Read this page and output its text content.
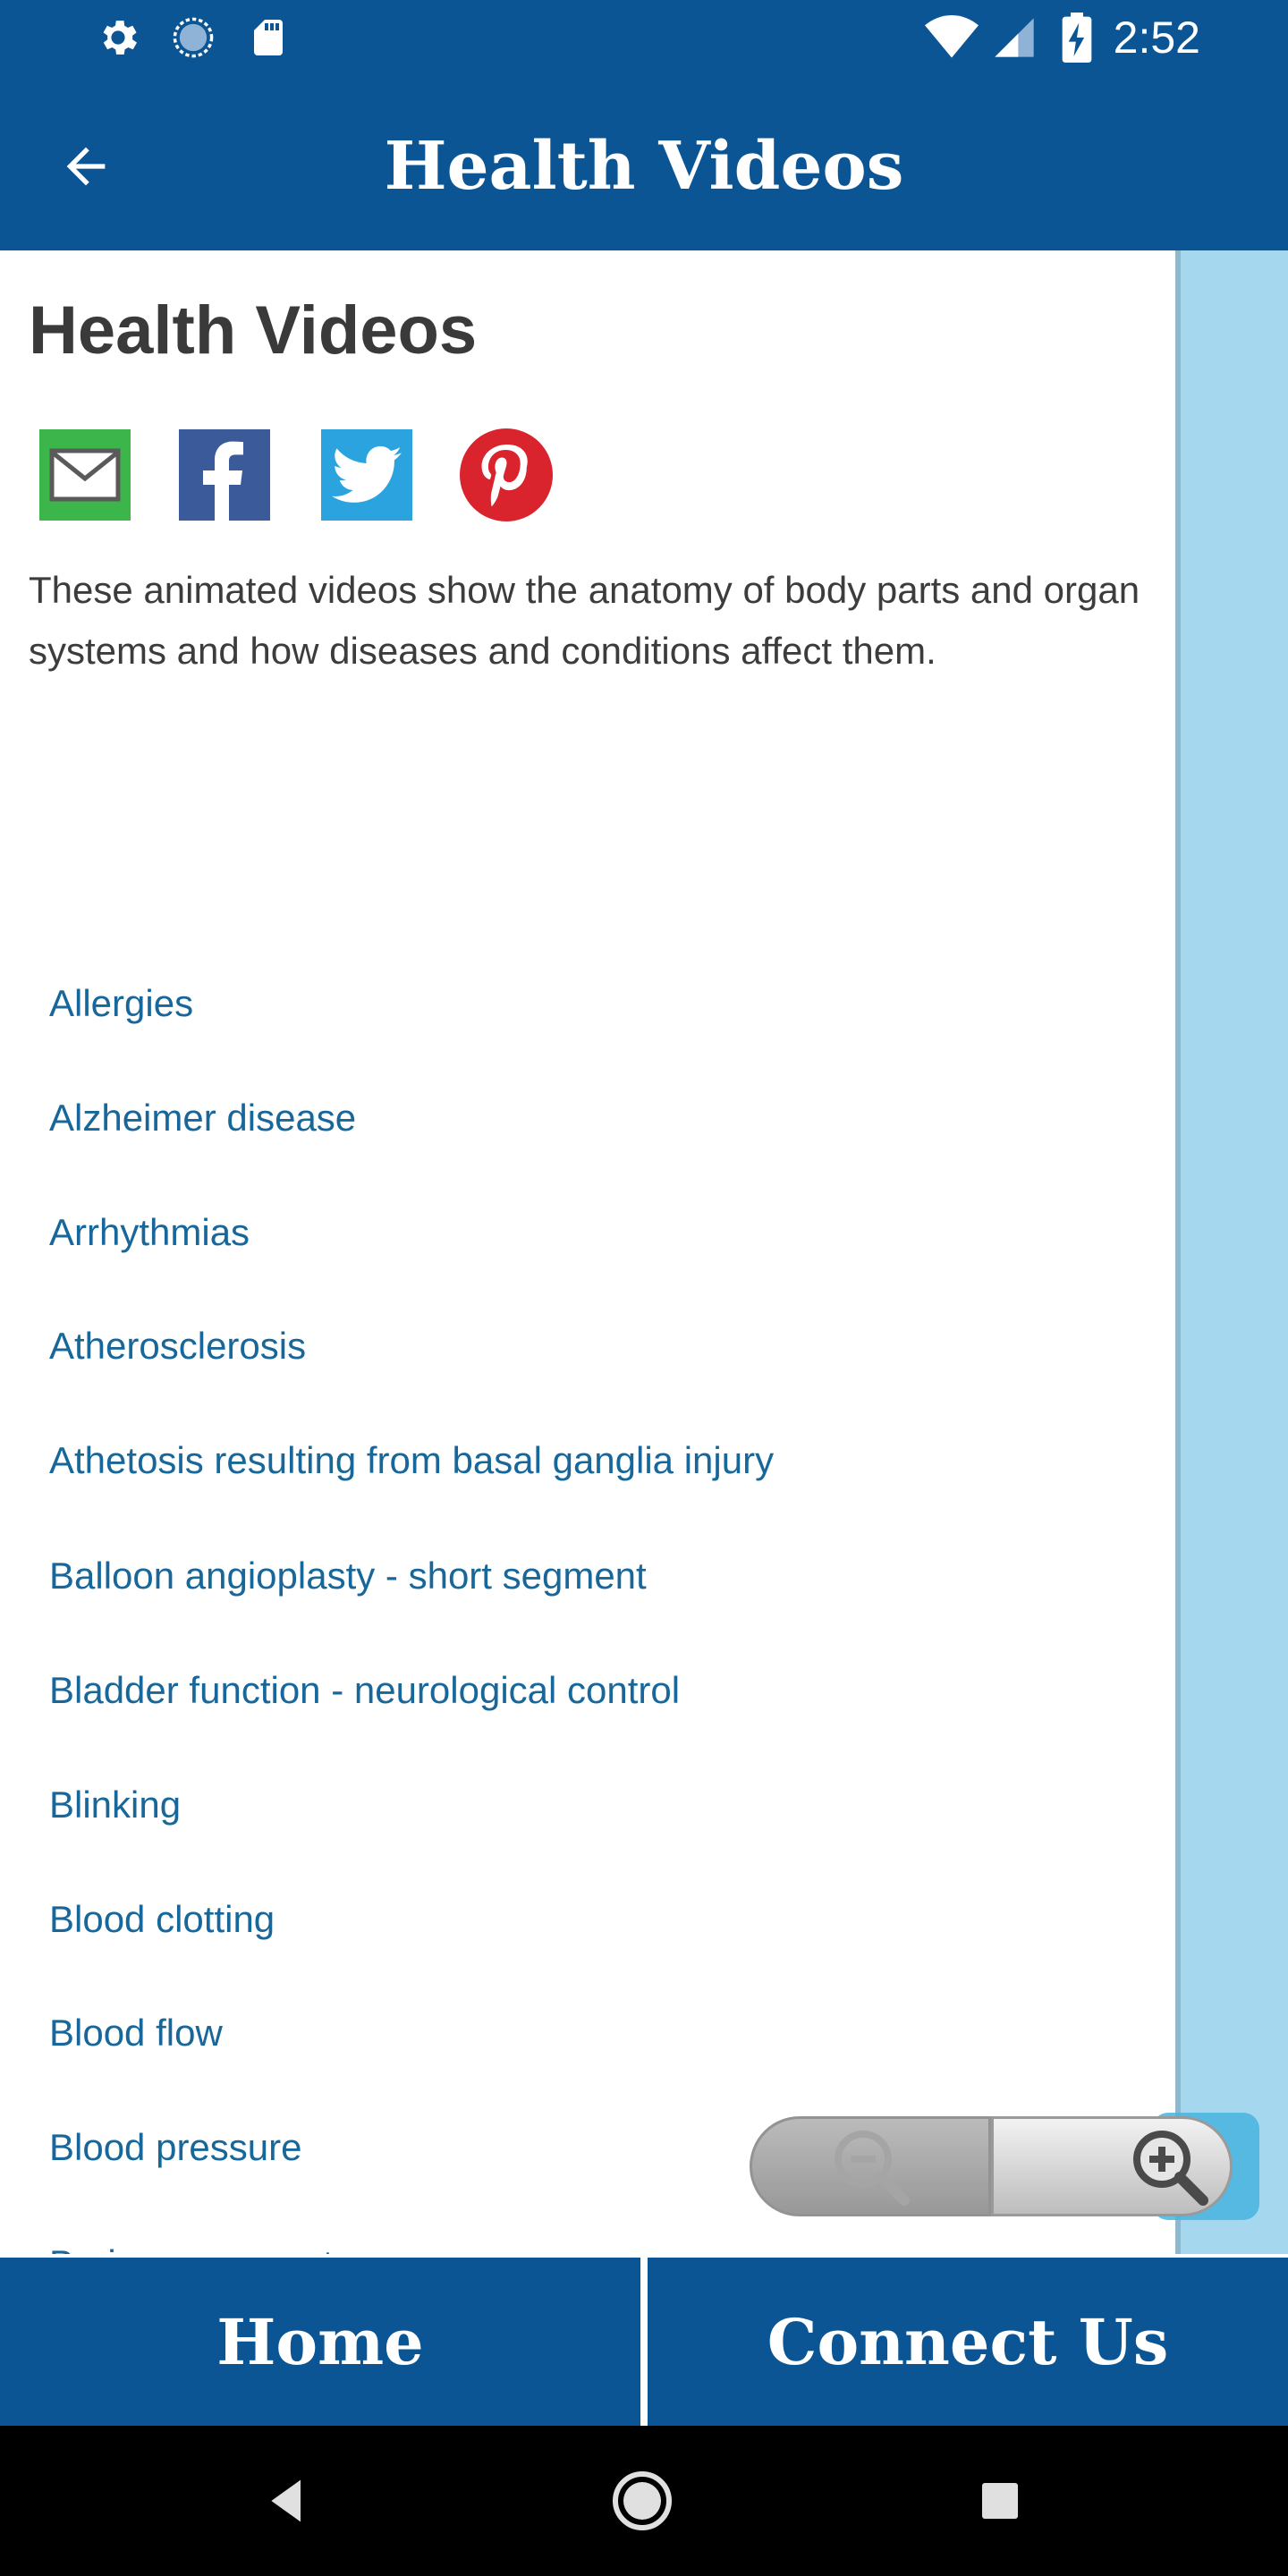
2:52
Health Videos
Health Videos
These animated videos show the anatomy of body parts and organ systems and how diseases and conditions affect them.
Allergies
Alzheimer disease
Arrhythmias
Atherosclerosis
Athetosis resulting from basal ganglia injury
Balloon angioplasty - short segment
Bladder function - neurological control
Blinking
Blood clotting
Blood flow
Blood pressure
Home	Connect Us
